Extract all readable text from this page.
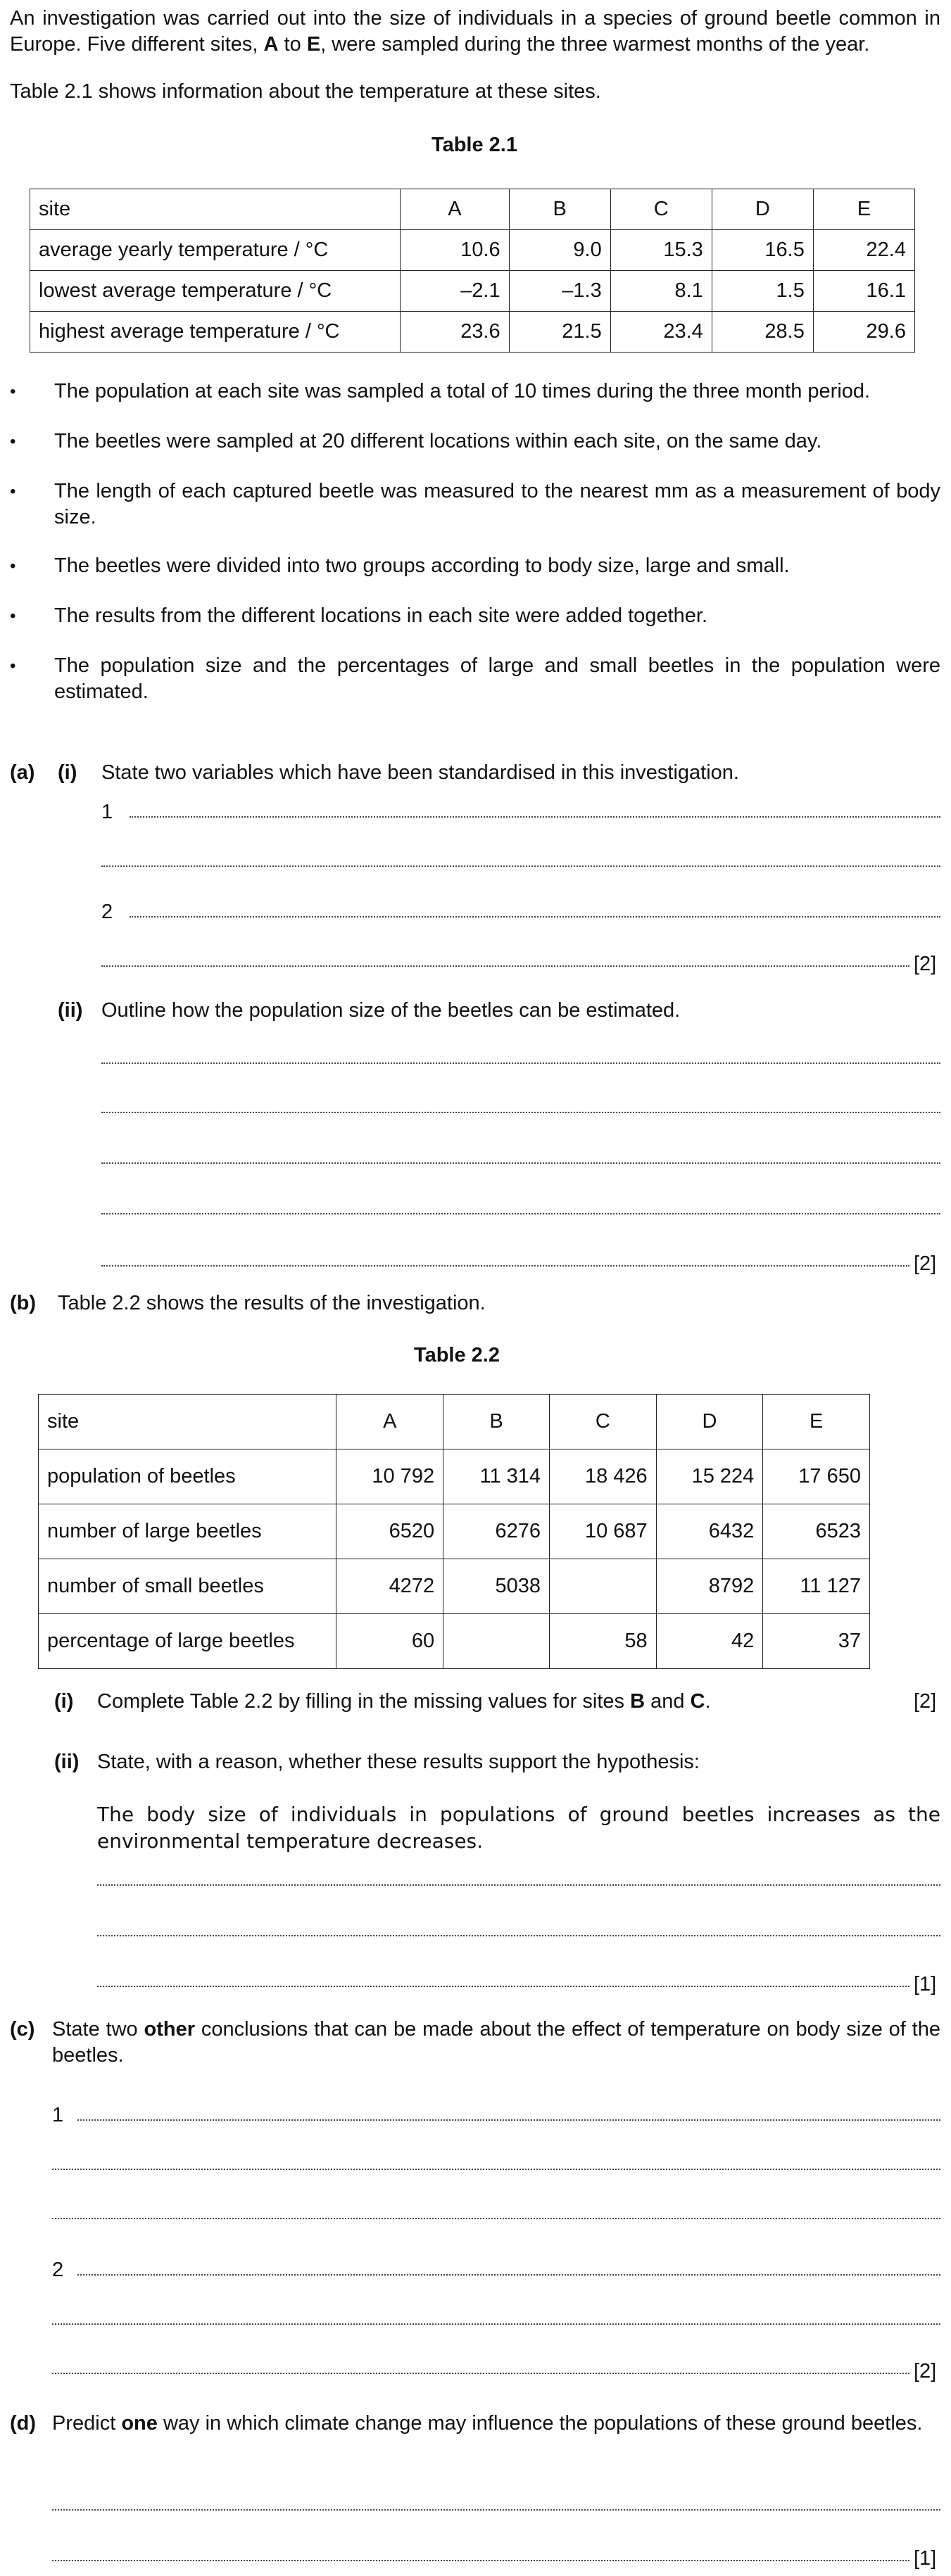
An investigation was carried out into the size of individuals in a species of ground beetle common in Europe. Five different sites, A to E, were sampled during the three warmest months of the year.

Table 2.1 shows information about the temperature at these sites.

Table 2.1
site	A	B	C	D	E
average yearly temperature / °C	10.6	9.0	15.3	16.5	22.4
lowest average temperature / °C	–2.1	–1.3	8.1	1.5	16.1
highest average temperature / °C	23.6	21.5	23.4	28.5	29.6
• The population at each site was sampled a total of 10 times during the three month period.
• The beetles were sampled at 20 different locations within each site, on the same day.
• The length of each captured beetle was measured to the nearest mm as a measurement of body size.
• The beetles were divided into two groups according to body size, large and small.
• The results from the different locations in each site were added together.
• The population size and the percentages of large and small beetles in the population were estimated.
(a) (i) State two variables which have been standardised in this investigation.
1
2
[2]
(ii) Outline how the population size of the beetles can be estimated.
[2]
(b) Table 2.2 shows the results of the investigation.
Table 2.2
site	A	B	C	D	E
population of beetles	10 792	11 314	18 426	15 224	17 650
number of large beetles	6520	6276	10 687	6432	6523
number of small beetles	4272	5038		8792	11 127
percentage of large beetles	60		58	42	37
(i) Complete Table 2.2 by filling in the missing values for sites B and C.	[2]
(ii) State, with a reason, whether these results support the hypothesis:
The body size of individuals in populations of ground beetles increases as the environmental temperature decreases.
[1]
(c) State two other conclusions that can be made about the effect of temperature on body size of the beetles.
1
2
[2]
(d) Predict one way in which climate change may influence the populations of these ground beetles.
[1]
